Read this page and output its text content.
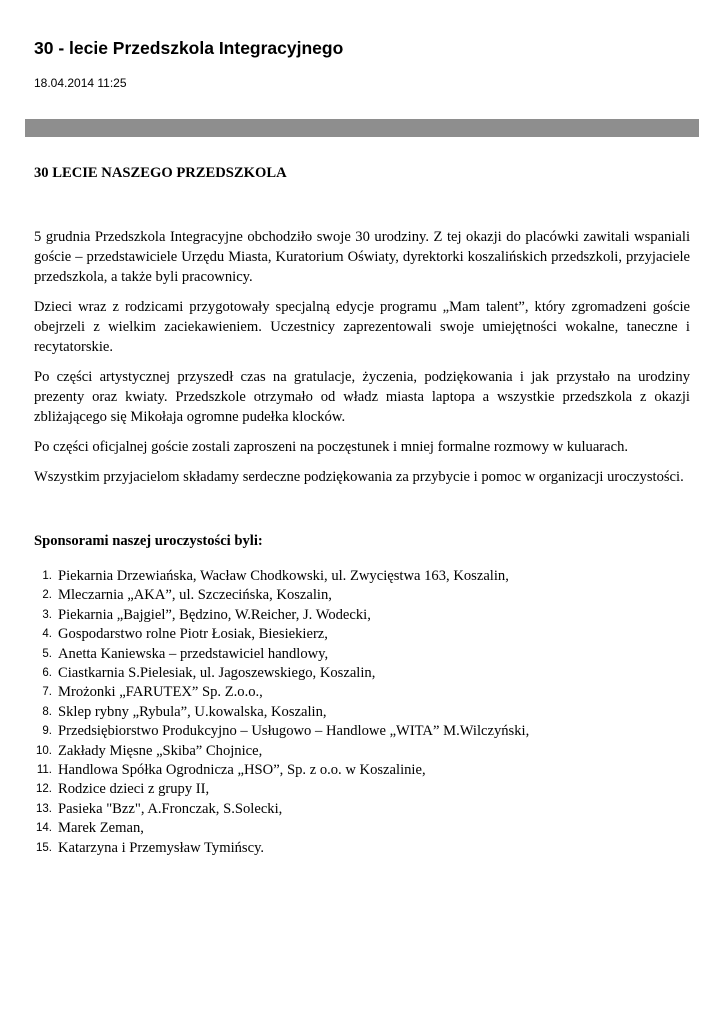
30 - lecie Przedszkola Integracyjnego
18.04.2014 11:25

30 LECIE NASZEGO PRZEDSZKOLA

5 grudnia Przedszkola Integracyjne obchodziło swoje 30 urodziny. Z tej okazji do placówki zawitali wspaniali goście – przedstawiciele Urzędu Miasta, Kuratorium Oświaty, dyrektorki koszalińskich przedszkoli, przyjaciele przedszkola, a także byli pracownicy.

Dzieci wraz z rodzicami przygotowały specjalną edycje programu „Mam talent”, który zgromadzeni goście obejrzeli z wielkim zaciekawieniem. Uczestnicy zaprezentowali swoje umiejętności wokalne, taneczne i recytatorskie.

Po części artystycznej przyszedł czas na gratulacje, życzenia, podziękowania i jak przystało na urodziny prezenty oraz kwiaty. Przedszkole otrzymało od władz miasta laptopa a wszystkie przedszkola z okazji zbliżającego się Mikołaja ogromne pudełka klocków.

Po części oficjalnej goście zostali zaproszeni na poczęstunek i mniej formalne rozmowy w kuluarach.

Wszystkim przyjacielom składamy serdeczne podziękowania za przybycie i pomoc w organizacji uroczystości.

Sponsorami naszej uroczystości byli:

1. Piekarnia Drzewiańska, Wacław Chodkowski, ul. Zwycięstwa 163, Koszalin,
2. Mleczarnia „AKA”, ul. Szczecińska, Koszalin,
3. Piekarnia „Bajgiel”, Będzino, W.Reicher, J. Wodecki,
4. Gospodarstwo rolne Piotr Łosiak, Biesiekierz,
5. Anetta Kaniewska – przedstawiciel handlowy,
6. Ciastkarnia S.Pielesiak, ul. Jagoszewskiego, Koszalin,
7. Mrożonki „FARUTEX” Sp. Z.o.o.,
8. Sklep rybny „Rybula”, U.kowalska, Koszalin,
9. Przedsiębiorstwo Produkcyjno – Usługowo – Handlowe „WITA” M.Wilczyński,
10. Zakłady Mięsne „Skiba” Chojnice,
11. Handlowa Spółka Ogrodnicza „HSO”, Sp. z o.o. w Koszalinie,
12. Rodzice dzieci z grupy II,
13. Pasieka "Bzz", A.Fronczak, S.Solecki,
14. Marek Zeman,
15. Katarzyna i Przemysław Tymińscy.
